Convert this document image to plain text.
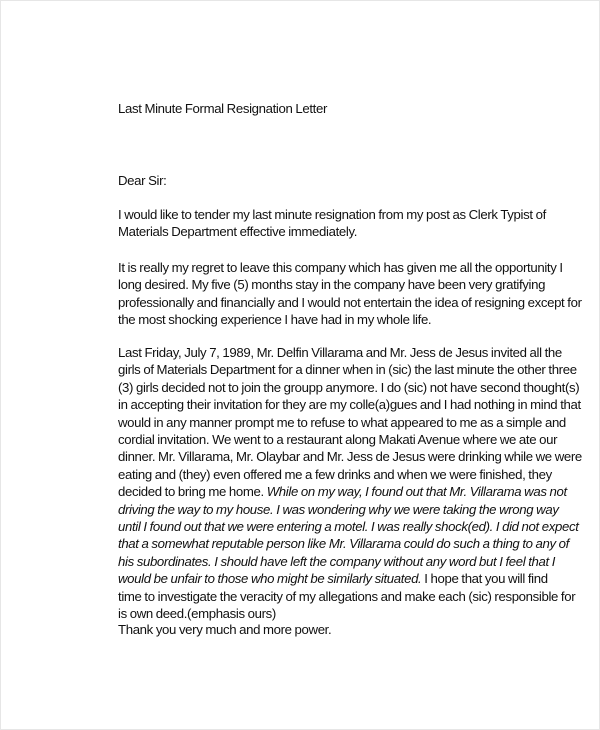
Last Minute Formal Resignation Letter
Dear Sir:
I would like to tender my last minute resignation from my post as Clerk Typist of
Materials Department effective immediately.
It is really my regret to leave this company which has given me all the opportunity I
long desired. My five (5) months stay in the company have been very gratifying
professionally and financially and I would not entertain the idea of resigning except for
the most shocking experience I have had in my whole life.
Last Friday, July 7, 1989, Mr. Delfin Villarama and Mr. Jess de Jesus invited all the
girls of Materials Department for a dinner when in (sic) the last minute the other three
(3) girls decided not to join the groupp anymore. I do (sic) not have second thought(s)
in accepting their invitation for they are my colle(a)gues and I had nothing in mind that
would in any manner prompt me to refuse to what appeared to me as a simple and
cordial invitation. We went to a restaurant along Makati Avenue where we ate our
dinner. Mr. Villarama, Mr. Olaybar and Mr. Jess de Jesus were drinking while we were
eating and (they) even offered me a few drinks and when we were finished, they
decided to bring me home. While on my way, I found out that Mr. Villarama was not
driving the way to my house. I was wondering why we were taking the wrong way
until I found out that we were entering a motel. I was really shock(ed). I did not expect
that a somewhat reputable person like Mr. Villarama could do such a thing to any of
his subordinates. I should have left the company without any word but I feel that I
would be unfair to those who might be similarly situated. I hope that you will find
time to investigate the veracity of my allegations and make each (sic) responsible for
is own deed.(emphasis ours)
Thank you very much and more power.
